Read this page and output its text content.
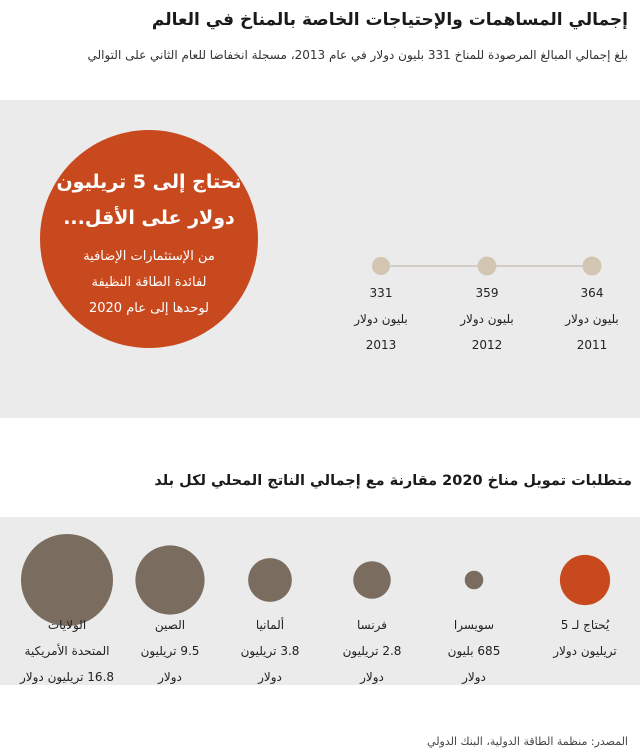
إجمالي المساهمات والإحتياجات الخاصة بالمناخ في العالم
بلغ إجمالي المبالغ المرصودة للمناخ 331 بليون دولار في عام 2013، مسجلة انخفاضا للعام الثاني على التوالي
نحتاج إلى 5 تريليون
دولار على الأقل...
من الإستثمارات الإضافية
لفائدة الطاقة النظيفة
لوحدها إلى عام 2020
364
بليون دولار
2011
359
بليون دولار
2012
331
بليون دولار
2013
متطلبات تمويل مناخ 2020 مقارنة مع إجمالي الناتج المحلي لكل بلد
يُحتاج لـ 5
تريليون دولار
سويسرا
685 بليون
دولار
فرنسا
2.8 تريليون
دولار
ألمانيا
3.8 تريليون
دولار
الصين
9.5 تريليون
دولار
الولايات
المتحدة الأمريكية
16.8 تريليون دولار
المصدر: منظمة الطاقة الدولية، البنك الدولي
